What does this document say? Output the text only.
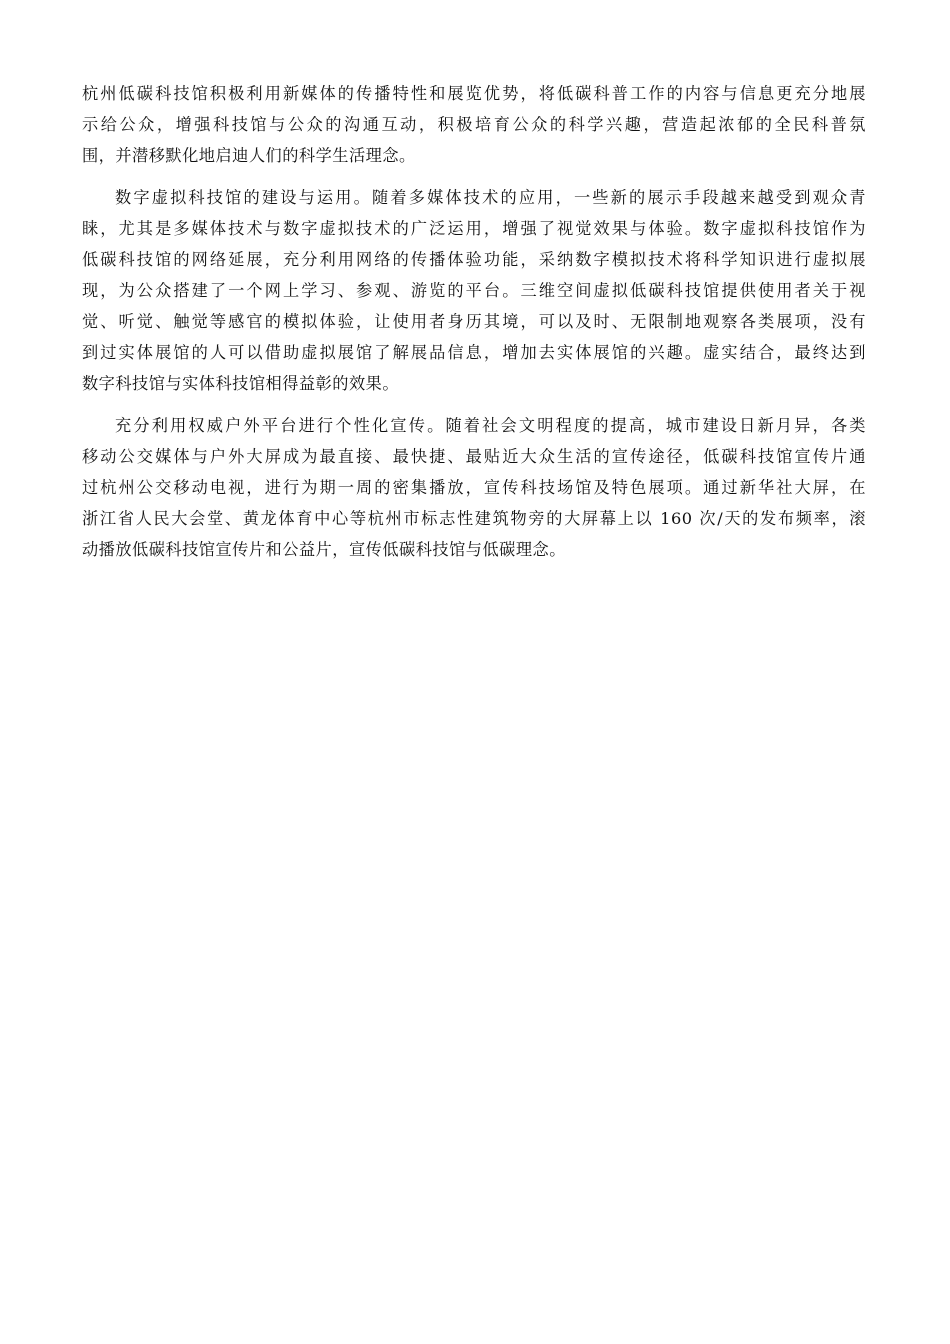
杭州低碳科技馆积极利用新媒体的传播特性和展览优势，将低碳科普工作的内容与信息更充分地展
示给公众，增强科技馆与公众的沟通互动，积极培育公众的科学兴趣，营造起浓郁的全民科普氛
围，并潜移默化地启迪人们的科学生活理念。

数字虚拟科技馆的建设与运用。随着多媒体技术的应用，一些新的展示手段越来越受到观众青
睐，尤其是多媒体技术与数字虚拟技术的广泛运用，增强了视觉效果与体验。数字虚拟科技馆作为
低碳科技馆的网络延展，充分利用网络的传播体验功能，采纳数字模拟技术将科学知识进行虚拟展
现，为公众搭建了一个网上学习、参观、游览的平台。三维空间虚拟低碳科技馆提供使用者关于视
觉、听觉、触觉等感官的模拟体验，让使用者身历其境，可以及时、无限制地观察各类展项，没有
到过实体展馆的人可以借助虚拟展馆了解展品信息，增加去实体展馆的兴趣。虚实结合，最终达到
数字科技馆与实体科技馆相得益彰的效果。

充分利用权威户外平台进行个性化宣传。随着社会文明程度的提高，城市建设日新月异，各类
移动公交媒体与户外大屏成为最直接、最快捷、最贴近大众生活的宣传途径，低碳科技馆宣传片通
过杭州公交移动电视，进行为期一周的密集播放，宣传科技场馆及特色展项。通过新华社大屏，在
浙江省人民大会堂、黄龙体育中心等杭州市标志性建筑物旁的大屏幕上以 160 次/天的发布频率，滚
动播放低碳科技馆宣传片和公益片，宣传低碳科技馆与低碳理念。
